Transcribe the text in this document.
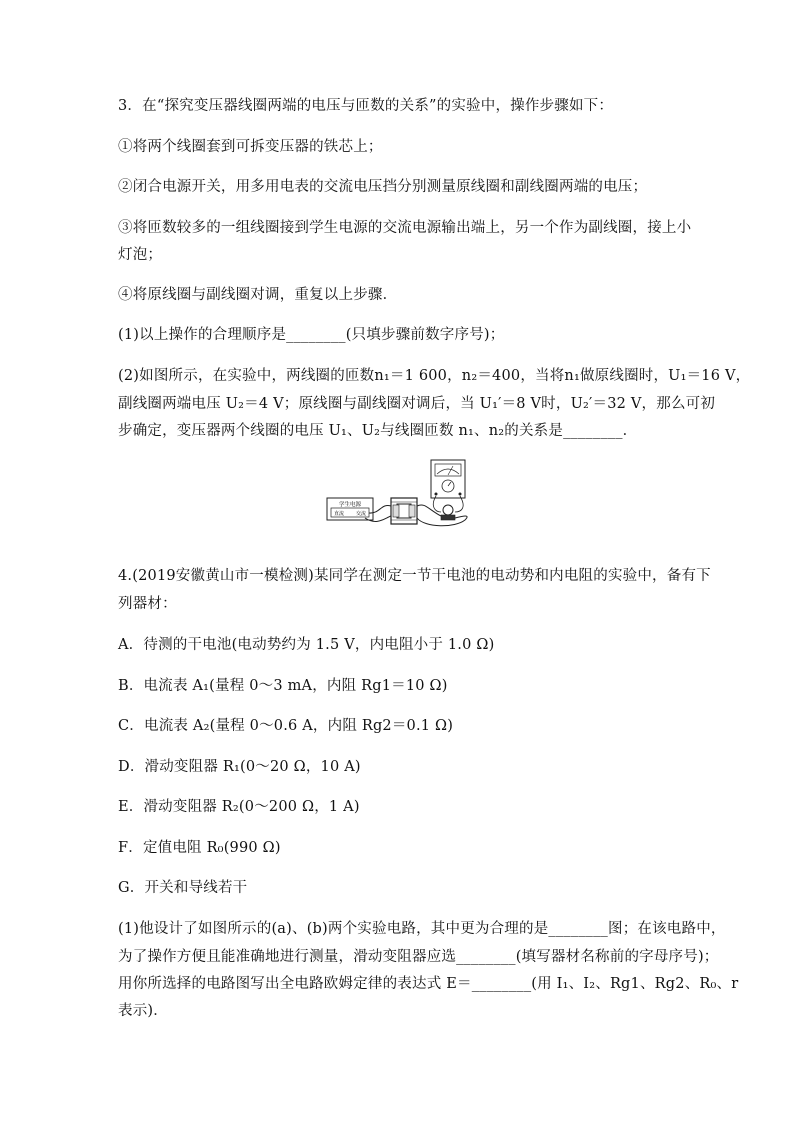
3．在“探究变压器线圈两端的电压与匝数的关系”的实验中，操作步骤如下：
①将两个线圈套到可拆变压器的铁芯上；
②闭合电源开关，用多用电表的交流电压挡分别测量原线圈和副线圈两端的电压；
③将匝数较多的一组线圈接到学生电源的交流电源输出端上，另一个作为副线圈，接上小
灯泡；
④将原线圈与副线圈对调，重复以上步骤．
(1)以上操作的合理顺序是________(只填步骤前数字序号)；
(2)如图所示，在实验中，两线圈的匝数n₁＝1 600，n₂＝400，当将n₁做原线圈时，U₁＝16 V，
副线圈两端电压 U₂＝4 V；原线圈与副线圈对调后，当 U₁′＝8 V时，U₂′＝32 V，那么可初
步确定，变压器两个线圈的电压 U₁、U₂与线圈匝数 n₁、n₂的关系是________．
学生电源
直流 交流
4.(2019安徽黄山市一模检测)某同学在测定一节干电池的电动势和内电阻的实验中，备有下
列器材：
A．待测的干电池(电动势约为 1.5 V，内电阻小于 1.0 Ω)
B．电流表 A₁(量程 0～3 mA，内阻 Rg1＝10 Ω)
C．电流表 A₂(量程 0～0.6 A，内阻 Rg2＝0.1 Ω)
D．滑动变阻器 R₁(0～20 Ω，10 A)
E．滑动变阻器 R₂(0～200 Ω，1 A)
F．定值电阻 R₀(990 Ω)
G．开关和导线若干
(1)他设计了如图所示的(a)、(b)两个实验电路，其中更为合理的是________图；在该电路中，
为了操作方便且能准确地进行测量，滑动变阻器应选________(填写器材名称前的字母序号)；
用你所选择的电路图写出全电路欧姆定律的表达式 E＝________(用 I₁、I₂、Rg1、Rg2、R₀、r
表示)．
